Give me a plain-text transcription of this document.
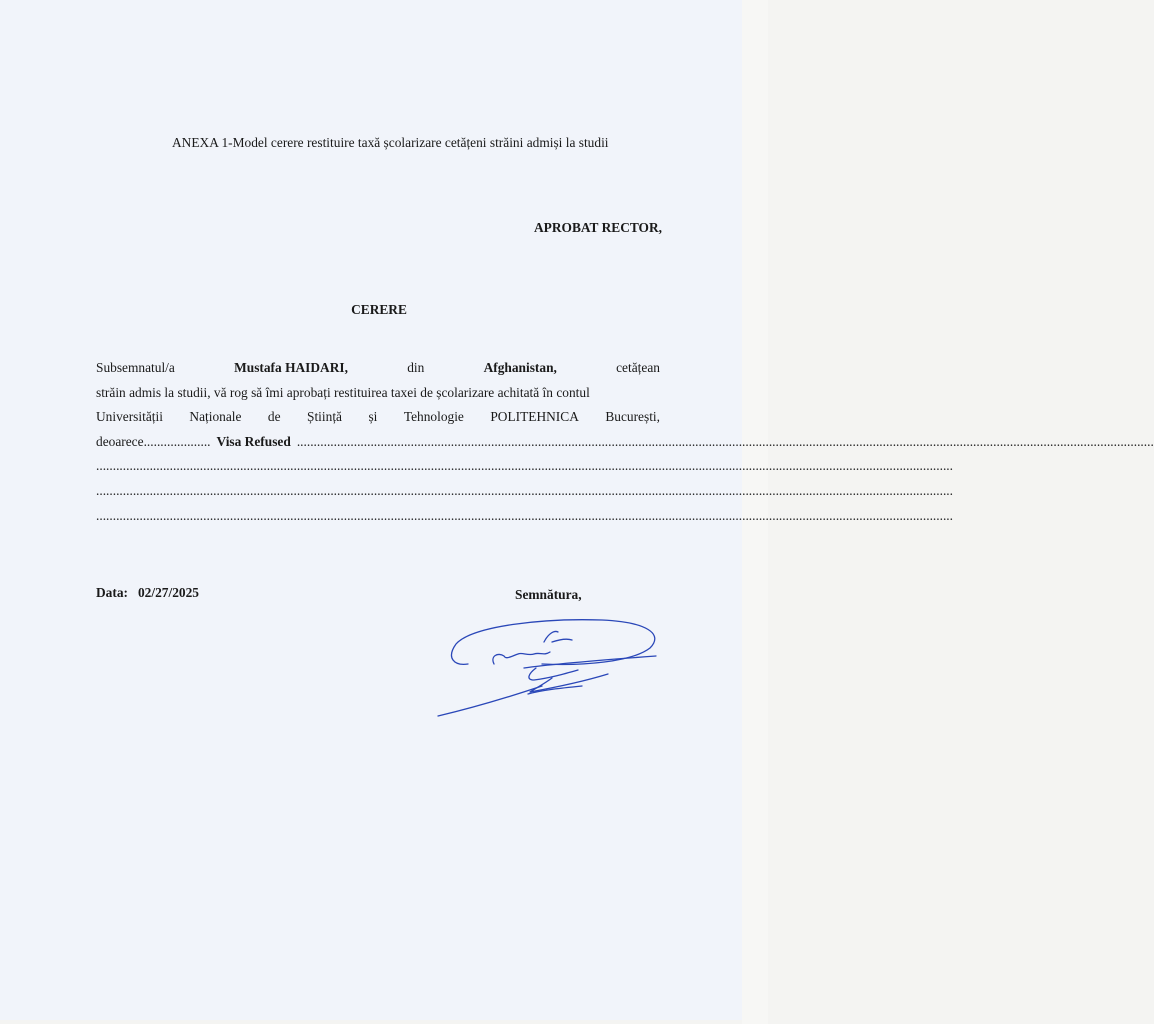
ANEXA 1-Model cerere restituire taxă școlarizare cetățeni străini admiși la studii
APROBAT RECTOR,
CERERE
Subsemnatul/a	Mustafa HAIDARI,	din	Afghanistan,	cetățean
străin admis la studii, vă rog să îmi aprobați restituirea taxei de școlarizare achitată în contul
Universității Naționale de Știință și Tehnologie POLITEHNICA București,
deoarece.................... Visa Refused ................................................................................................................................................................................................................................................................
................................................................................................................................................................................................................................................................
................................................................................................................................................................................................................................................................
................................................................................................................................................................................................................................................................
Data: 02/27/2025	Semnătura,
